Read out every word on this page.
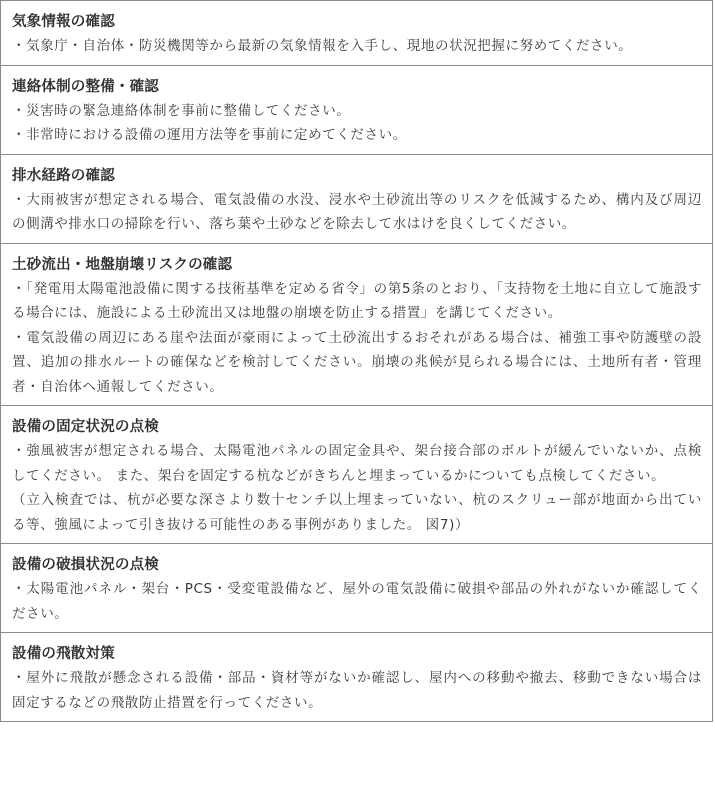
気象情報の確認

・気象庁・自治体・防災機関等から最新の気象情報を入手し、現地の状況把握に努めてください。

連絡体制の整備・確認

・災害時の緊急連絡体制を事前に整備してください。

・非常時における設備の運用方法等を事前に定めてください。

排水経路の確認

・大雨被害が想定される場合、電気設備の水没、浸水や土砂流出等のリスクを低減するため、構内及び周辺の側溝や排水口の掃除を行い、落ち葉や土砂などを除去して水はけを良くしてください。

土砂流出・地盤崩壊リスクの確認

・「発電用太陽電池設備に関する技術基準を定める省令」の第5条のとおり、「支持物を土地に自立して施設する場合には、施設による土砂流出又は地盤の崩壊を防止する措置」を講じてください。

・電気設備の周辺にある崖や法面が豪雨によって土砂流出するおそれがある場合は、補強工事や防護壁の設置、追加の排水ルートの確保などを検討してください。崩壊の兆候が見られる場合には、土地所有者・管理者・自治体へ通報してください。

設備の固定状況の点検

・強風被害が想定される場合、太陽電池パネルの固定金具や、架台接合部のボルトが緩んでいないか、点検してください。 また、架台を固定する杭などがきちんと埋まっているかについても点検してください。

（立入検査では、杭が必要な深さより数十センチ以上埋まっていない、杭のスクリュー部が地面から出ている等、強風によって引き抜ける可能性のある事例がありました。 図7)）

設備の破損状況の点検

・太陽電池パネル・架台・PCS・受変電設備など、屋外の電気設備に破損や部品の外れがないか確認してください。

設備の飛散対策

・屋外に飛散が懸念される設備・部品・資材等がないか確認し、屋内への移動や撤去、移動できない場合は固定するなどの飛散防止措置を行ってください。
